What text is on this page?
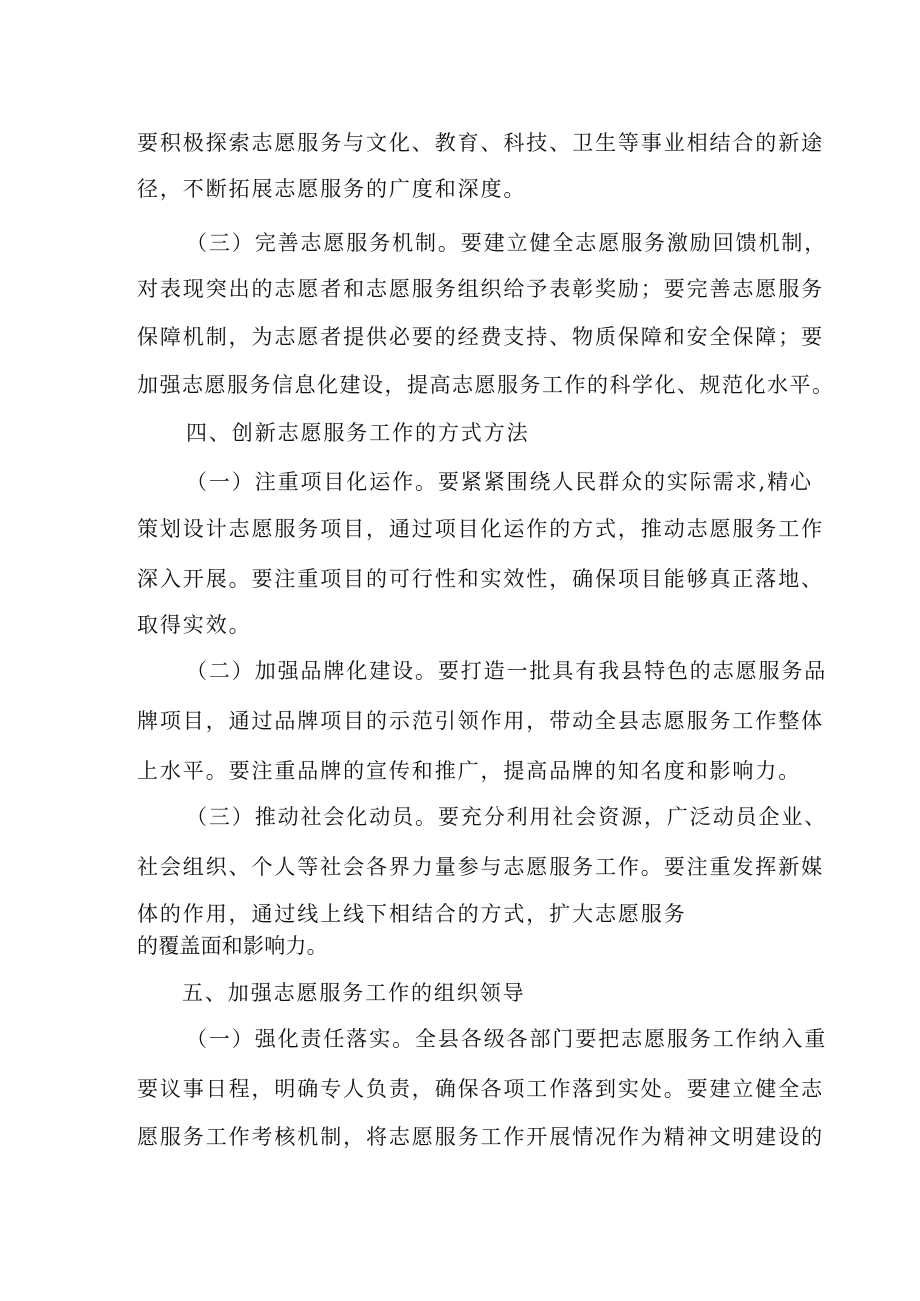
要积极探索志愿服务与文化、教育、科技、卫生等事业相结合的新途
径，不断拓展志愿服务的广度和深度。
（三）完善志愿服务机制。要建立健全志愿服务激励回馈机制，
对表现突出的志愿者和志愿服务组织给予表彰奖励；要完善志愿服务
保障机制，为志愿者提供必要的经费支持、物质保障和安全保障；要
加强志愿服务信息化建设，提高志愿服务工作的科学化、规范化水平。
四、创新志愿服务工作的方式方法
（一）注重项目化运作。要紧紧围绕人民群众的实际需求,精心
策划设计志愿服务项目，通过项目化运作的方式，推动志愿服务工作
深入开展。要注重项目的可行性和实效性，确保项目能够真正落地、
取得实效。
（二）加强品牌化建设。要打造一批具有我县特色的志愿服务品
牌项目，通过品牌项目的示范引领作用，带动全县志愿服务工作整体
上水平。要注重品牌的宣传和推广，提高品牌的知名度和影响力。
（三）推动社会化动员。要充分利用社会资源，广泛动员企业、
社会组织、个人等社会各界力量参与志愿服务工作。要注重发挥新媒
体的作用，通过线上线下相结合的方式，扩大志愿服务
的覆盖面和影响力。
五、加强志愿服务工作的组织领导
（一）强化责任落实。全县各级各部门要把志愿服务工作纳入重
要议事日程，明确专人负责，确保各项工作落到实处。要建立健全志
愿服务工作考核机制，将志愿服务工作开展情况作为精神文明建设的
